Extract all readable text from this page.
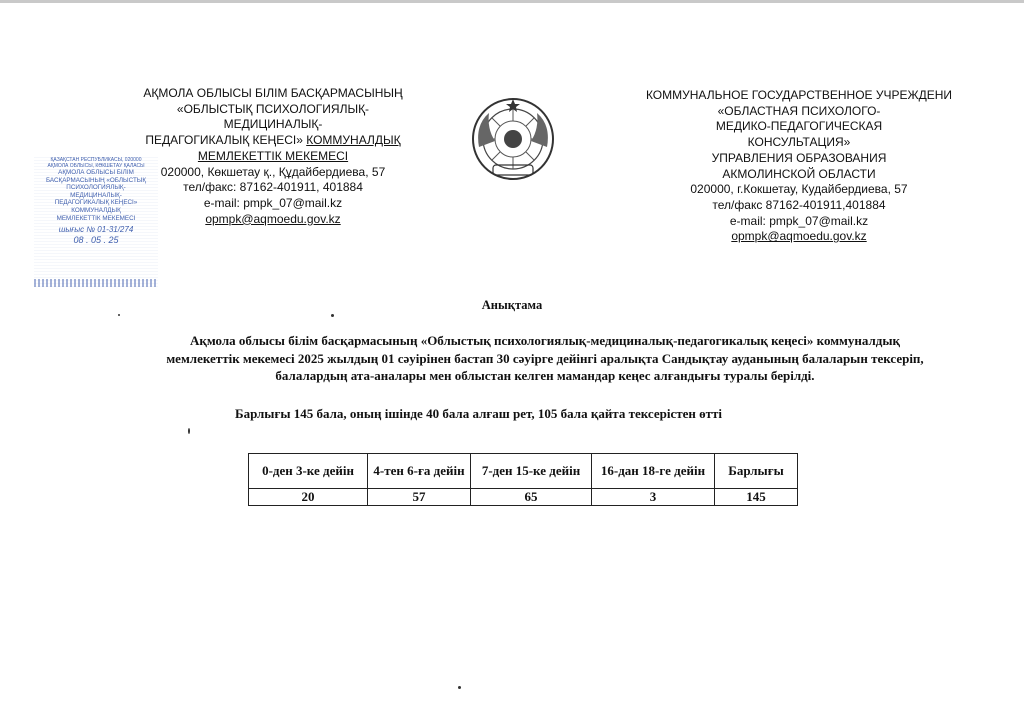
АҚМОЛА ОБЛЫСЫ БІЛІМ БАСҚАРМАСЫНЫҢ
«ОБЛЫСТЫҚ ПСИХОЛОГИЯЛЫҚ-
МЕДИЦИНАЛЫҚ-
ПЕДАГОГИКАЛЫҚ КЕҢЕСІ» КОММУНАЛДЫҚ
МЕМЛЕКЕТТІК МЕКЕМЕСІ
020000, Көкшетау қ., Құдайбердиева, 57
тел/факс: 87162-401911, 401884
e-mail: pmpk_07@mail.kz
opmpk@aqmoedu.gov.kz
КОММУНАЛЬНОЕ ГОСУДАРСТВЕННОЕ УЧРЕЖДЕНИ
«ОБЛАСТНАЯ ПСИХОЛОГО-
МЕДИКО-ПЕДАГОГИЧЕСКАЯ
КОНСУЛЬТАЦИЯ»
УПРАВЛЕНИЯ ОБРАЗОВАНИЯ
АКМОЛИНСКОЙ ОБЛАСТИ
020000, г.Кокшетау, Кудайбердиева, 57
тел/факс 87162-401911,401884
e-mail: pmpk_07@mail.kz
opmpk@aqmoedu.gov.kz
ҚАЗАҚСТАН РЕСПУБЛИКАСЫ, 020000
АҚМОЛА ОБЛЫСЫ, КӨКШЕТАУ ҚАЛАСЫ
АҚМОЛА ОБЛЫСЫ БІЛІМ
БАСҚАРМАСЫНЫҢ «ОБЛЫСТЫҚ
ПСИХОЛОГИЯЛЫҚ-
МЕДИЦИНАЛЫҚ-
ПЕДАГОГИКАЛЫҚ КЕҢЕСІ»
КОММУНАЛДЫҚ
МЕМЛЕКЕТТІК МЕКЕМЕСІ
шығыс № 01-31/274
08 . 05 . 25
Анықтама
Ақмола облысы білім басқармасының «Облыстық психологиялық-медициналық-педагогикалық кеңесі» коммуналдық
мемлекеттік мекемесі 2025 жылдың 01 сәуірінен бастап 30 сәуірге дейінгі аралықта Сандықтау ауданының балаларын тексеріп,
балалардың ата-аналары мен облыстан келген мамандар кеңес алғандығы туралы берілді.
Барлығы 145 бала, оның ішінде 40 бала алғаш рет, 105 бала қайта тексерістен өтті
0-ден 3-ке дейін	4-тен 6-ға дейін	7-ден 15-ке дейін	16-дан 18-ге дейін	Барлығы
20	57	65	3	145
